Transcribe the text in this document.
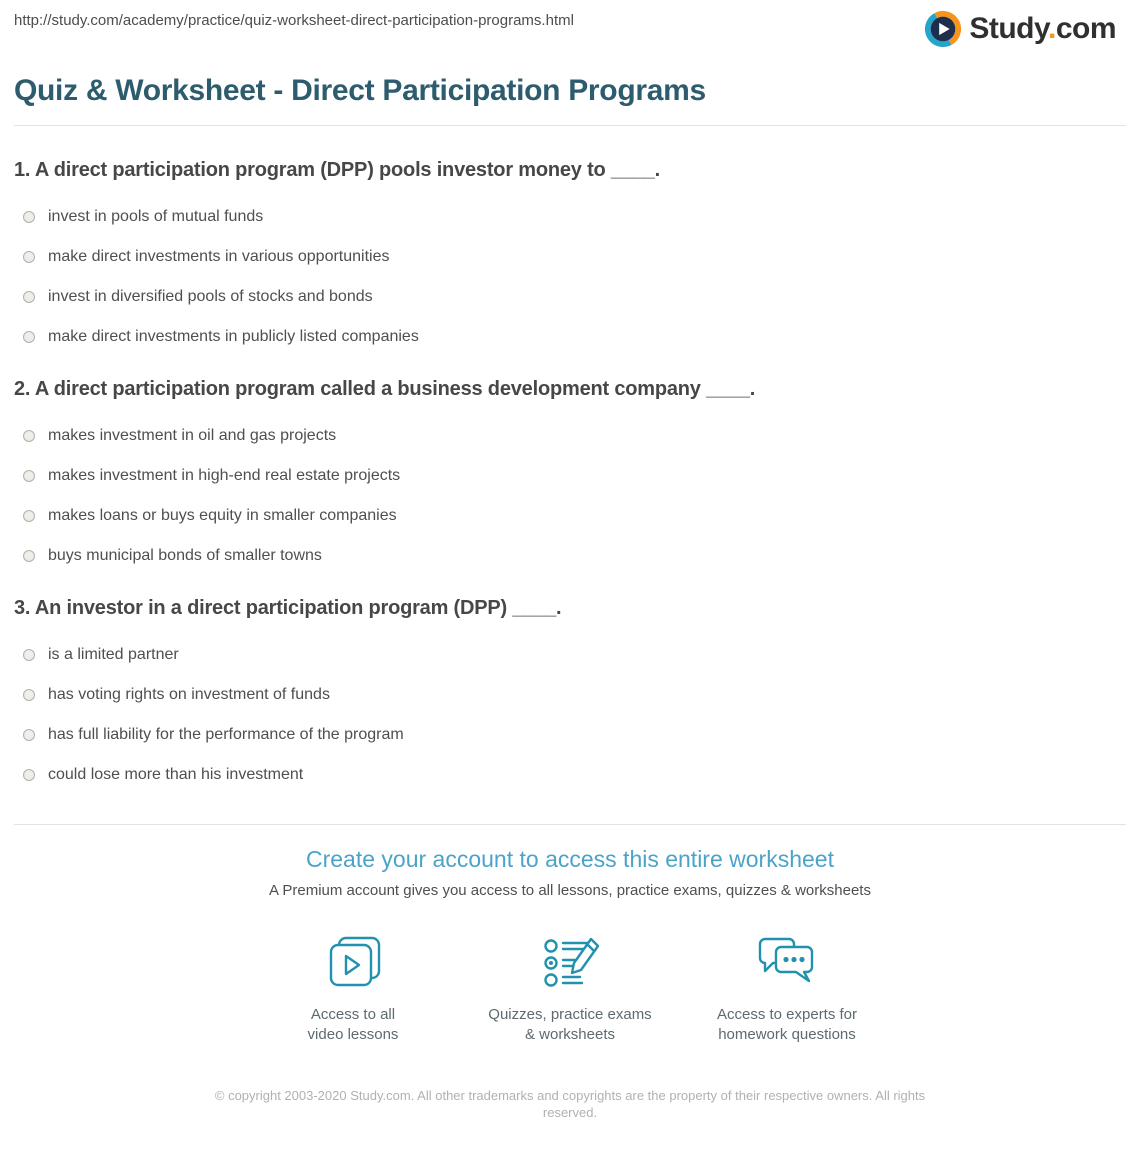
http://study.com/academy/practice/quiz-worksheet-direct-participation-programs.html	Study.com
Quiz & Worksheet - Direct Participation Programs
1. A direct participation program (DPP) pools investor money to ____.
invest in pools of mutual funds
make direct investments in various opportunities
invest in diversified pools of stocks and bonds
make direct investments in publicly listed companies
2. A direct participation program called a business development company ____.
makes investment in oil and gas projects
makes investment in high-end real estate projects
makes loans or buys equity in smaller companies
buys municipal bonds of smaller towns
3. An investor in a direct participation program (DPP) ____.
is a limited partner
has voting rights on investment of funds
has full liability for the performance of the program
could lose more than his investment
Create your account to access this entire worksheet
A Premium account gives you access to all lessons, practice exams, quizzes & worksheets
Access to all
video lessons
Quizzes, practice exams
& worksheets
Access to experts for
homework questions
© copyright 2003-2020 Study.com. All other trademarks and copyrights are the property of their respective owners. All rights reserved.
